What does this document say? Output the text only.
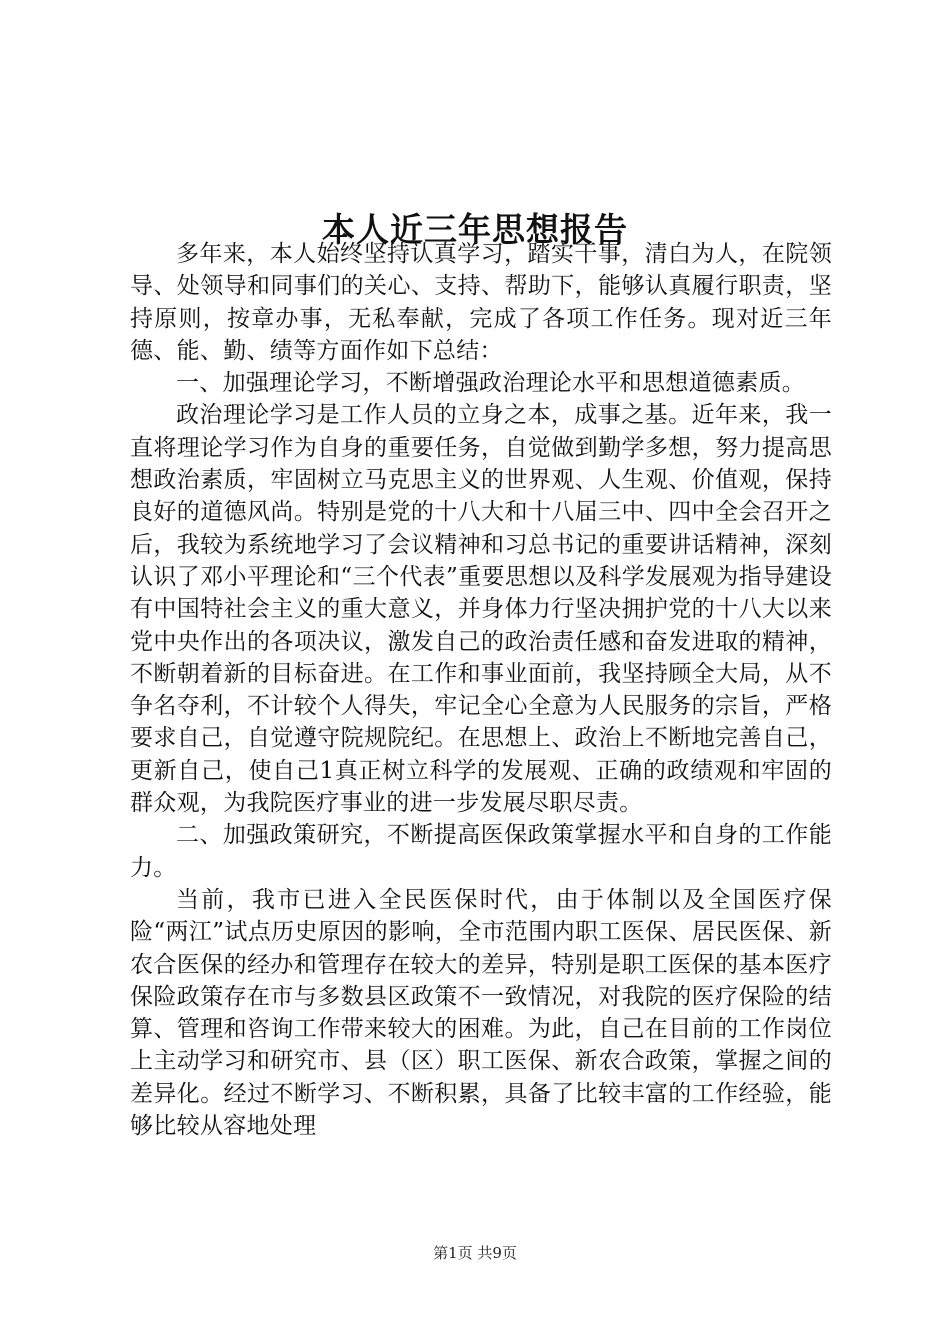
本人近三年思想报告

多年来，本人始终坚持认真学习，踏实干事，清白为人，在院领导、处领导和同事们的关心、支持、帮助下，能够认真履行职责，坚持原则，按章办事，无私奉献，完成了各项工作任务。现对近三年德、能、勤、绩等方面作如下总结：

一、加强理论学习，不断增强政治理论水平和思想道德素质。

政治理论学习是工作人员的立身之本，成事之基。近年来，我一直将理论学习作为自身的重要任务，自觉做到勤学多想，努力提高思想政治素质，牢固树立马克思主义的世界观、人生观、价值观，保持良好的道德风尚。特别是党的十八大和十八届三中、四中全会召开之后，我较为系统地学习了会议精神和习总书记的重要讲话精神，深刻认识了邓小平理论和“三个代表”重要思想以及科学发展观为指导建设有中国特社会主义的重大意义，并身体力行坚决拥护党的十八大以来党中央作出的各项决议，激发自己的政治责任感和奋发进取的精神，不断朝着新的目标奋进。在工作和事业面前，我坚持顾全大局，从不争名夺利，不计较个人得失，牢记全心全意为人民服务的宗旨，严格要求自己，自觉遵守院规院纪。在思想上、政治上不断地完善自己，更新自己，使自己1真正树立科学的发展观、正确的政绩观和牢固的群众观，为我院医疗事业的进一步发展尽职尽责。

二、加强政策研究，不断提高医保政策掌握水平和自身的工作能力。

当前，我市已进入全民医保时代，由于体制以及全国医疗保险“两江”试点历史原因的影响，全市范围内职工医保、居民医保、新农合医保的经办和管理存在较大的差异，特别是职工医保的基本医疗保险政策存在市与多数县区政策不一致情况，对我院的医疗保险的结算、管理和咨询工作带来较大的困难。为此，自己在目前的工作岗位上主动学习和研究市、县（区）职工医保、新农合政策，掌握之间的差异化。经过不断学习、不断积累，具备了比较丰富的工作经验，能够比较从容地处理

第1页 共9页
